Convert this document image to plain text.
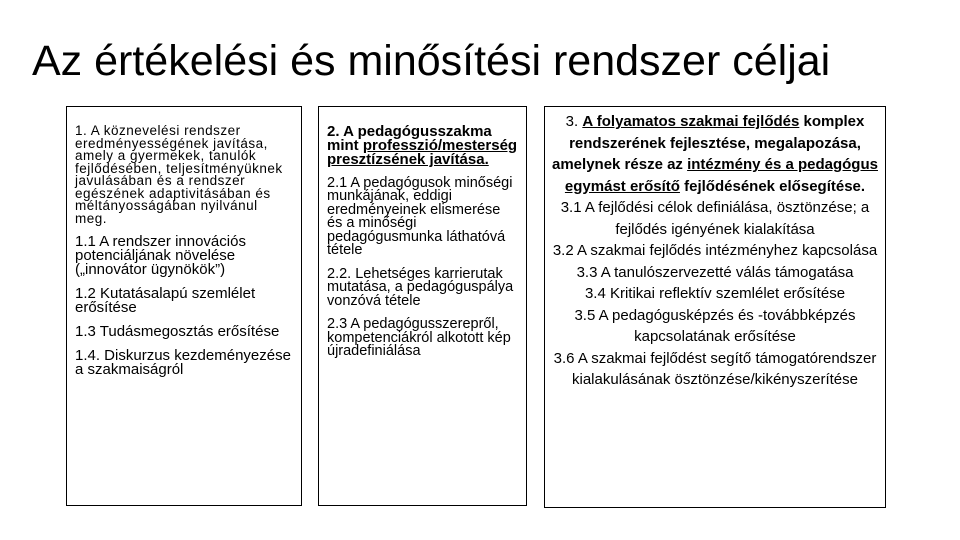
Az értékelési és minősítési rendszer céljai

1. A köznevelési rendszer eredményességének javítása, amely a gyermekek, tanulók fejlődésében, teljesítményüknek javulásában és a rendszer egészének adaptivitásában és méltányosságában nyilvánul meg.

1.1 A rendszer innovációs potenciáljának növelése („innovátor ügynökök”)

1.2 Kutatásalapú szemlélet erősítése

1.3 Tudásmegosztás erősítése

1.4. Diskurzus kezdeményezése a szakmaiságról

2. A pedagógusszakma mint professzió/mesterség presztízsének javítása.

2.1 A pedagógusok minőségi munkájának, eddigi eredményeinek elismerése és a minőségi pedagógusmunka láthatóvá tétele

2.2. Lehetséges karrierutak mutatása, a pedagóguspálya vonzóvá tétele

2.3 A pedagógusszerepről, kompetenciákról alkotott kép újradefiniálása

3. A folyamatos szakmai fejlődés komplex rendszerének fejlesztése, megalapozása, amelynek része az intézmény és a pedagógus egymást erősítő fejlődésének elősegítése.

3.1 A fejlődési célok definiálása, ösztönzése; a fejlődés igényének kialakítása

3.2 A szakmai fejlődés intézményhez kapcsolása

3.3 A tanulószervezetté válás támogatása

3.4 Kritikai reflektív szemlélet erősítése

3.5 A pedagógusképzés és -továbbképzés kapcsolatának erősítése

3.6 A szakmai fejlődést segítő támogatórendszer kialakulásának ösztönzése/kikényszerítése
